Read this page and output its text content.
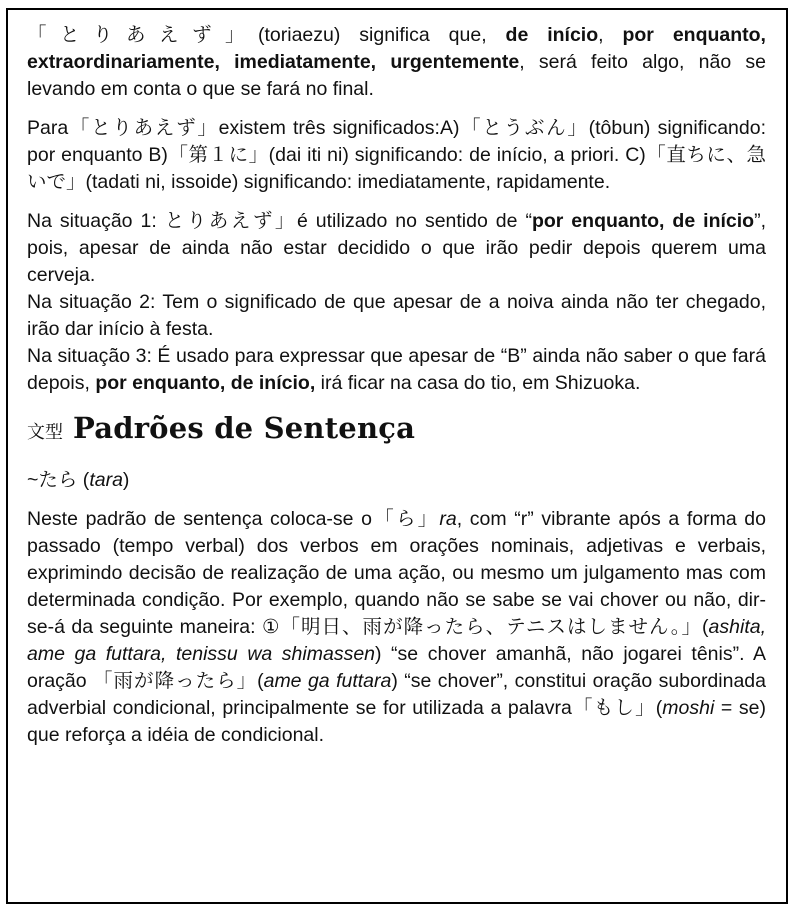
「とりあえず」(toriaezu) significa que, de início, por enquanto, extraordinariamente, imediatamente, urgentemente, será feito algo, não se levando em conta o que se fará no final.

Para「とりあえず」existem três significados:A)「とうぶん」(tôbun) significando: por enquanto B)「第１に」(dai iti ni) significando: de início, a priori. C)「直ちに、急いで」(tadati ni, issoide) significando: imediatamente, rapidamente.

Na situação 1: とりあえず」é utilizado no sentido de “por enquanto, de início”, pois, apesar de ainda não estar decidido o que irão pedir depois querem uma cerveja.

Na situação 2: Tem o significado de que apesar de a noiva ainda não ter chegado, irão dar início à festa.

Na situação 3: É usado para expressar que apesar de “B” ainda não saber o que fará depois, por enquanto, de início, irá ficar na casa do tio, em Shizuoka.

文型 Padrões de Sentença

~たら (tara)

Neste padrão de sentença coloca-se o「ら」ra, com “r” vibrante após a forma do passado (tempo verbal) dos verbos em orações nominais, adjetivas e verbais, exprimindo decisão de realização de uma ação, ou mesmo um julgamento mas com determinada condição. Por exemplo, quando não se sabe se vai chover ou não, dir-se-á da seguinte maneira: ①「明日、雨が降ったら、テニスはしません。」(ashita, ame ga futtara, tenissu wa shimassen) “se chover amanhã, não jogarei tênis”. A oração 「雨が降ったら」(ame ga futtara) “se chover”, constitui oração subordinada adverbial condicional, principalmente se for utilizada a palavra「もし」(moshi = se) que reforça a idéia de condicional.
